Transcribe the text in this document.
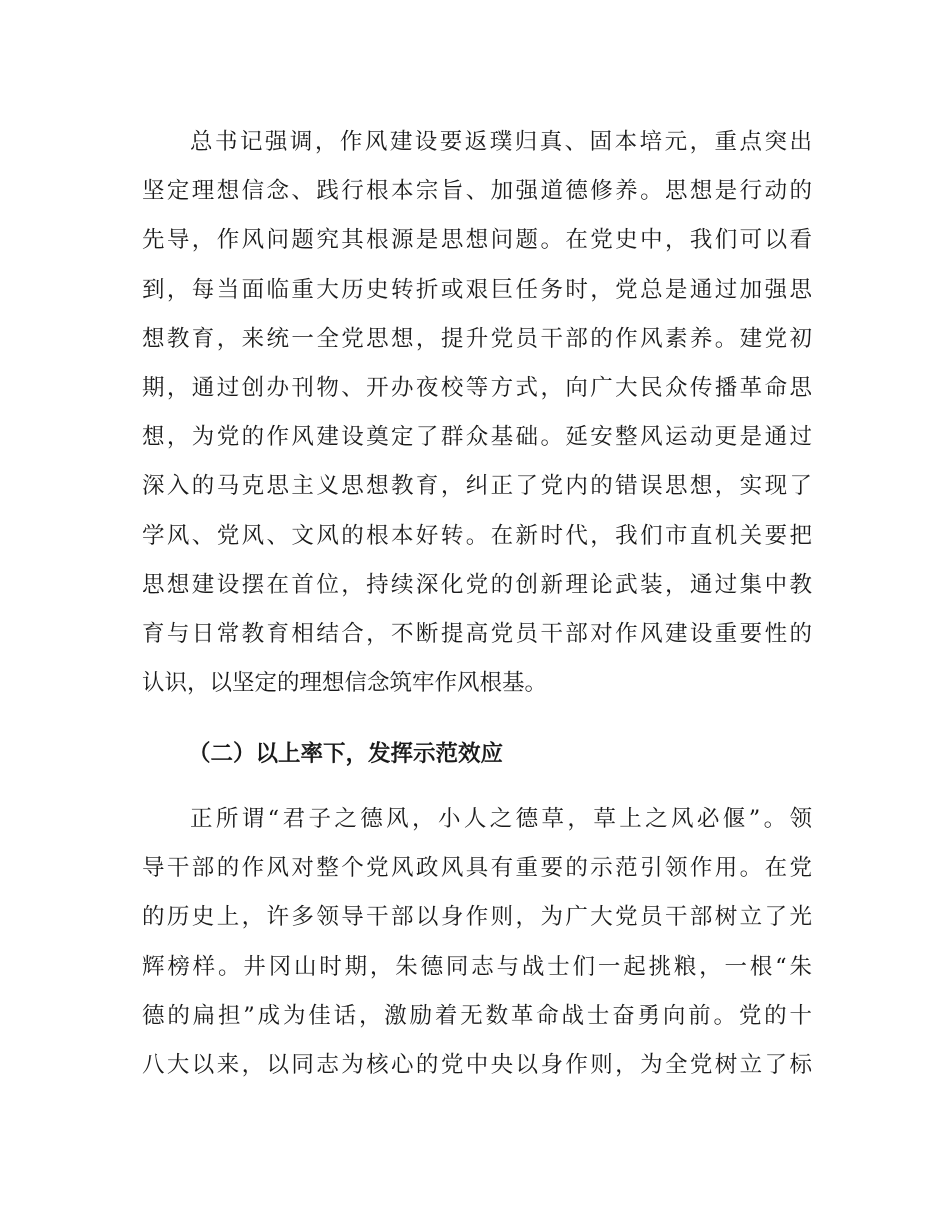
总书记强调，作风建设要返璞归真、固本培元，重点突出
坚定理想信念、践行根本宗旨、加强道德修养。思想是行动的
先导，作风问题究其根源是思想问题。在党史中，我们可以看
到，每当面临重大历史转折或艰巨任务时，党总是通过加强思
想教育，来统一全党思想，提升党员干部的作风素养。建党初
期，通过创办刊物、开办夜校等方式，向广大民众传播革命思
想，为党的作风建设奠定了群众基础。延安整风运动更是通过
深入的马克思主义思想教育，纠正了党内的错误思想，实现了
学风、党风、文风的根本好转。在新时代，我们市直机关要把
思想建设摆在首位，持续深化党的创新理论武装，通过集中教
育与日常教育相结合，不断提高党员干部对作风建设重要性的
认识，以坚定的理想信念筑牢作风根基。
（二）以上率下，发挥示范效应
正所谓“君子之德风，小人之德草，草上之风必偃”。领
导干部的作风对整个党风政风具有重要的示范引领作用。在党
的历史上，许多领导干部以身作则，为广大党员干部树立了光
辉榜样。井冈山时期，朱德同志与战士们一起挑粮，一根“朱
德的扁担”成为佳话，激励着无数革命战士奋勇向前。党的十
八大以来，以同志为核心的党中央以身作则，为全党树立了标
